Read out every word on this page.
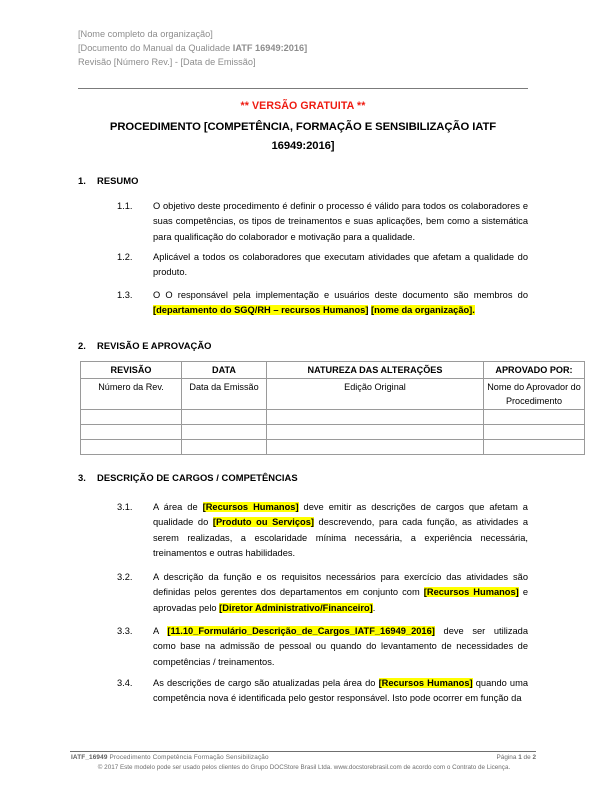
[Nome completo da organização]
[Documento do Manual da Qualidade IATF 16949:2016]
Revisão [Número Rev.] - [Data de Emissão]
** VERSÃO GRATUITA **
PROCEDIMENTO [COMPETÊNCIA, FORMAÇÃO E SENSIBILIZAÇÃO IATF
16949:2016]
1. RESUMO
1.1.	O objetivo deste procedimento é definir o processo é válido para todos os colaboradores e suas competências, os tipos de treinamentos e suas aplicações, bem como a sistemática para qualificação do colaborador e motivação para a qualidade.
1.2.	Aplicável a todos os colaboradores que executam atividades que afetam a qualidade do produto.
1.3.	O O responsável pela implementação e usuários deste documento são membros do [departamento do SGQ/RH – recursos Humanos] [nome da organização].
2. REVISÃO E APROVAÇÃO
REVISÃO	DATA	NATUREZA DAS ALTERAÇÕES	APROVADO POR:
Número da Rev.	Data da Emissão	Edição Original	Nome do Aprovador do Procedimento

3. DESCRIÇÃO DE CARGOS / COMPETÊNCIAS
3.1.	A área de [Recursos Humanos] deve emitir as descrições de cargos que afetam a qualidade do [Produto ou Serviços] descrevendo, para cada função, as atividades a serem realizadas, a escolaridade mínima necessária, a experiência necessária, treinamentos e outras habilidades.
3.2.	A descrição da função e os requisitos necessários para exercício das atividades são definidas pelos gerentes dos departamentos em conjunto com [Recursos Humanos] e aprovadas pelo [Diretor Administrativo/Financeiro].
3.3.	A [11.10_Formulário_Descrição_de_Cargos_IATF_16949_2016] deve ser utilizada como base na admissão de pessoal ou quando do levantamento de necessidades de competências / treinamentos.
3.4.	As descrições de cargo são atualizadas pela área do [Recursos Humanos] quando uma competência nova é identificada pelo gestor responsável. Isto pode ocorrer em função da
IATF_16949 Procedimento Competência Formação Sensibilização	Página 1 de 2
© 2017 Este modelo pode ser usado pelos clientes do Grupo DOCStore Brasil Ltda. www.docstorebrasil.com de acordo com o Contrato de Licença.
